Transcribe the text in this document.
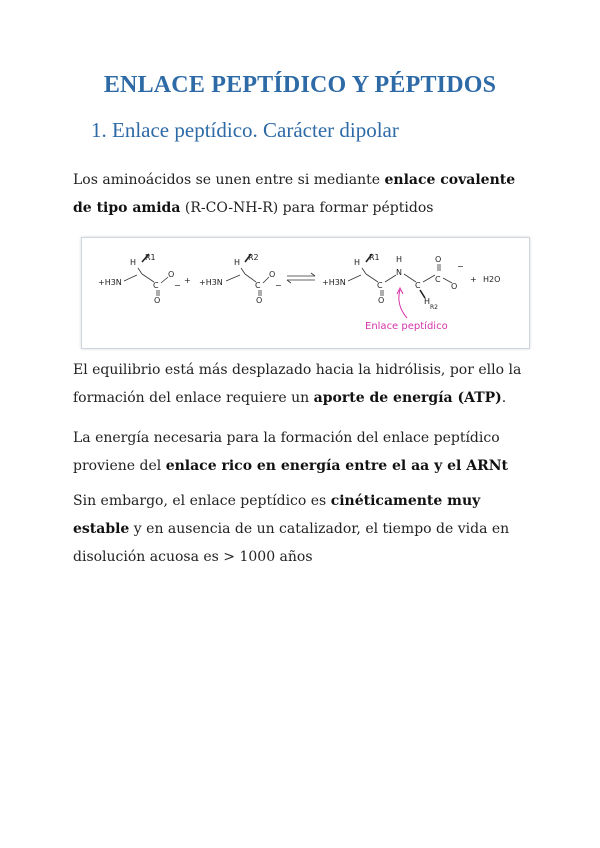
ENLACE PEPTÍDICO Y PÉPTIDOS
1. Enlace peptídico. Carácter dipolar

Los aminoácidos se unen entre si mediante enlace covalente de tipo amida (R-CO-NH-R) para formar péptidos

H
R1
+H3N	C
O
−
O
+
H
R2
+H3N	C
O
−
O
H
R1
+H3N	C
O
H
N
C
H
R2
C
O
O
−
+ H2O
Enlace peptídico

El equilibrio está más desplazado hacia la hidrólisis, por ello la formación del enlace requiere un aporte de energía (ATP).

La energía necesaria para la formación del enlace peptídico proviene del enlace rico en energía entre el aa y el ARNt

Sin embargo, el enlace peptídico es cinéticamente muy estable y en ausencia de un catalizador, el tiempo de vida en disolución acuosa es > 1000 años
